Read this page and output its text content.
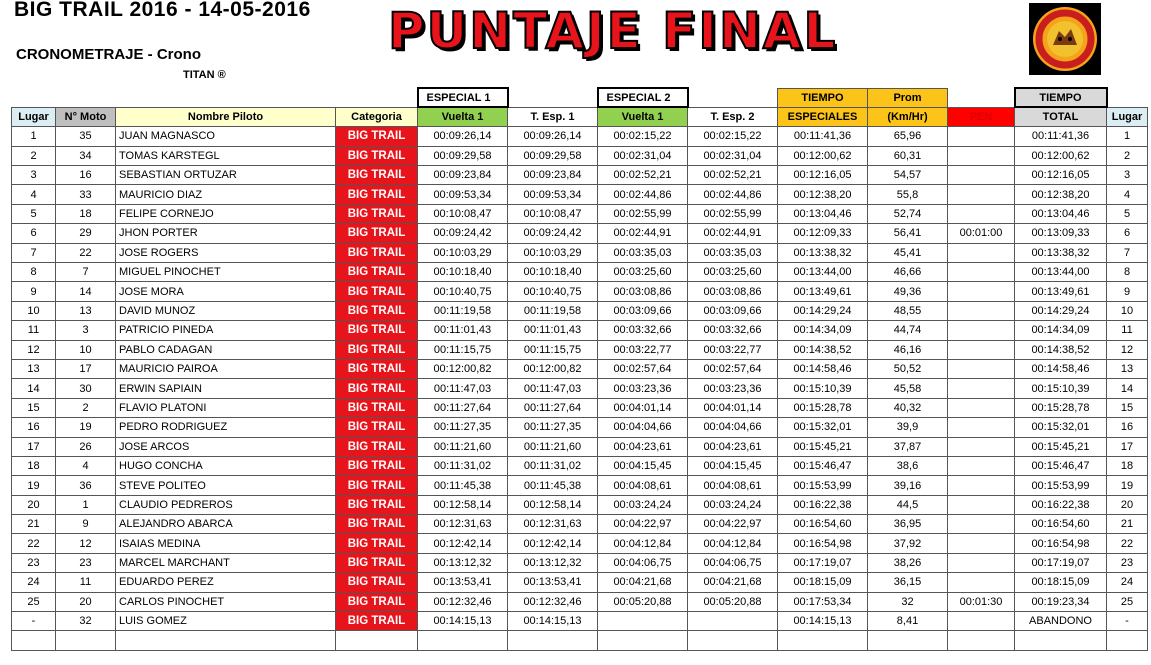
BIG TRAIL 2016 - 14-05-2016
CRONOMETRAJE - Crono
TITAN ®
PUNTAJE FINAL
				ESPECIAL 1		ESPECIAL 2		TIEMPO	Prom		TIEMPO	
Lugar	N° Moto	Nombre Piloto	Categoria	Vuelta 1	T. Esp. 1	Vuelta 1	T. Esp. 2	ESPECIALES	(Km/Hr)	PEN	TOTAL	Lugar
1	35	JUAN MAGNASCO	BIG TRAIL	00:09:26,14	00:09:26,14	00:02:15,22	00:02:15,22	00:11:41,36	65,96		00:11:41,36	1
2	34	TOMAS KARSTEGL	BIG TRAIL	00:09:29,58	00:09:29,58	00:02:31,04	00:02:31,04	00:12:00,62	60,31		00:12:00,62	2
3	16	SEBASTIAN ORTUZAR	BIG TRAIL	00:09:23,84	00:09:23,84	00:02:52,21	00:02:52,21	00:12:16,05	54,57		00:12:16,05	3
4	33	MAURICIO DIAZ	BIG TRAIL	00:09:53,34	00:09:53,34	00:02:44,86	00:02:44,86	00:12:38,20	55,8		00:12:38,20	4
5	18	FELIPE CORNEJO	BIG TRAIL	00:10:08,47	00:10:08,47	00:02:55,99	00:02:55,99	00:13:04,46	52,74		00:13:04,46	5
6	29	JHON PORTER	BIG TRAIL	00:09:24,42	00:09:24,42	00:02:44,91	00:02:44,91	00:12:09,33	56,41	00:01:00	00:13:09,33	6
7	22	JOSE ROGERS	BIG TRAIL	00:10:03,29	00:10:03,29	00:03:35,03	00:03:35,03	00:13:38,32	45,41		00:13:38,32	7
8	7	MIGUEL PINOCHET	BIG TRAIL	00:10:18,40	00:10:18,40	00:03:25,60	00:03:25,60	00:13:44,00	46,66		00:13:44,00	8
9	14	JOSE MORA	BIG TRAIL	00:10:40,75	00:10:40,75	00:03:08,86	00:03:08,86	00:13:49,61	49,36		00:13:49,61	9
10	13	DAVID MUNOZ	BIG TRAIL	00:11:19,58	00:11:19,58	00:03:09,66	00:03:09,66	00:14:29,24	48,55		00:14:29,24	10
11	3	PATRICIO PINEDA	BIG TRAIL	00:11:01,43	00:11:01,43	00:03:32,66	00:03:32,66	00:14:34,09	44,74		00:14:34,09	11
12	10	PABLO CADAGAN	BIG TRAIL	00:11:15,75	00:11:15,75	00:03:22,77	00:03:22,77	00:14:38,52	46,16		00:14:38,52	12
13	17	MAURICIO PAIROA	BIG TRAIL	00:12:00,82	00:12:00,82	00:02:57,64	00:02:57,64	00:14:58,46	50,52		00:14:58,46	13
14	30	ERWIN SAPIAIN	BIG TRAIL	00:11:47,03	00:11:47,03	00:03:23,36	00:03:23,36	00:15:10,39	45,58		00:15:10,39	14
15	2	FLAVIO PLATONI	BIG TRAIL	00:11:27,64	00:11:27,64	00:04:01,14	00:04:01,14	00:15:28,78	40,32		00:15:28,78	15
16	19	PEDRO RODRIGUEZ	BIG TRAIL	00:11:27,35	00:11:27,35	00:04:04,66	00:04:04,66	00:15:32,01	39,9		00:15:32,01	16
17	26	JOSE ARCOS	BIG TRAIL	00:11:21,60	00:11:21,60	00:04:23,61	00:04:23,61	00:15:45,21	37,87		00:15:45,21	17
18	4	HUGO CONCHA	BIG TRAIL	00:11:31,02	00:11:31,02	00:04:15,45	00:04:15,45	00:15:46,47	38,6		00:15:46,47	18
19	36	STEVE POLITEO	BIG TRAIL	00:11:45,38	00:11:45,38	00:04:08,61	00:04:08,61	00:15:53,99	39,16		00:15:53,99	19
20	1	CLAUDIO PEDREROS	BIG TRAIL	00:12:58,14	00:12:58,14	00:03:24,24	00:03:24,24	00:16:22,38	44,5		00:16:22,38	20
21	9	ALEJANDRO ABARCA	BIG TRAIL	00:12:31,63	00:12:31,63	00:04:22,97	00:04:22,97	00:16:54,60	36,95		00:16:54,60	21
22	12	ISAIAS MEDINA	BIG TRAIL	00:12:42,14	00:12:42,14	00:04:12,84	00:04:12,84	00:16:54,98	37,92		00:16:54,98	22
23	23	MARCEL MARCHANT	BIG TRAIL	00:13:12,32	00:13:12,32	00:04:06,75	00:04:06,75	00:17:19,07	38,26		00:17:19,07	23
24	11	EDUARDO PEREZ	BIG TRAIL	00:13:53,41	00:13:53,41	00:04:21,68	00:04:21,68	00:18:15,09	36,15		00:18:15,09	24
25	20	CARLOS PINOCHET	BIG TRAIL	00:12:32,46	00:12:32,46	00:05:20,88	00:05:20,88	00:17:53,34	32	00:01:30	00:19:23,34	25
-	32	LUIS GOMEZ	BIG TRAIL	00:14:15,13	00:14:15,13			00:14:15,13	8,41		ABANDONO	-
